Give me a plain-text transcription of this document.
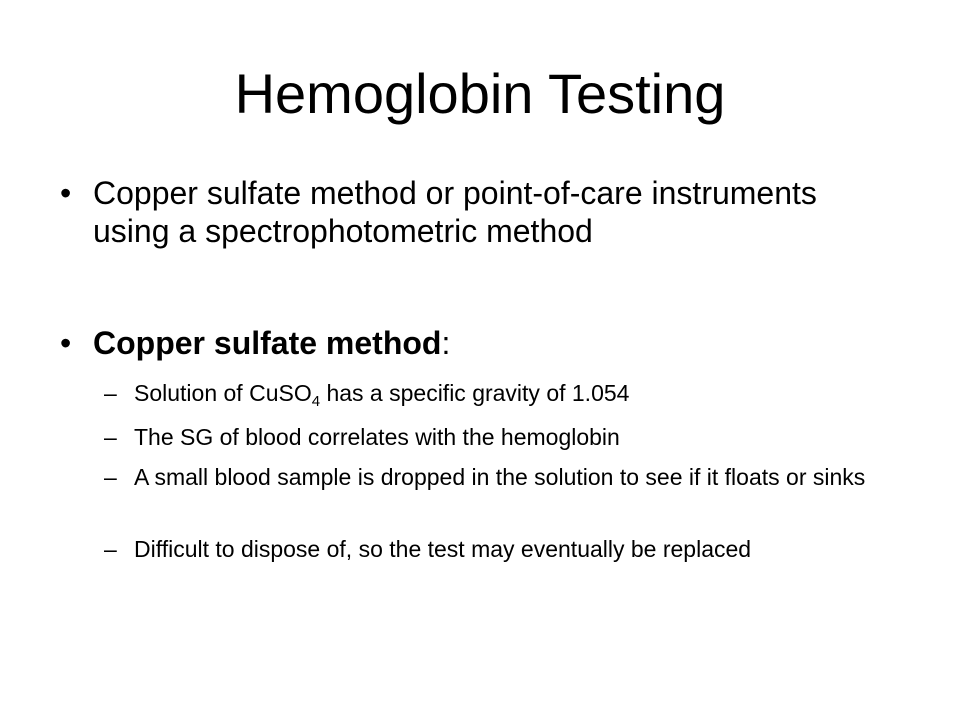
Hemoglobin Testing
• Copper sulfate method or point-of-care instruments using a spectrophotometric method
• Copper sulfate method:
– Solution of CuSO$_4$ has a specific gravity of 1.054
– The SG of blood correlates with the hemoglobin
– A small blood sample is dropped in the solution to see if it floats or sinks
– Difficult to dispose of, so the test may eventually be replaced
